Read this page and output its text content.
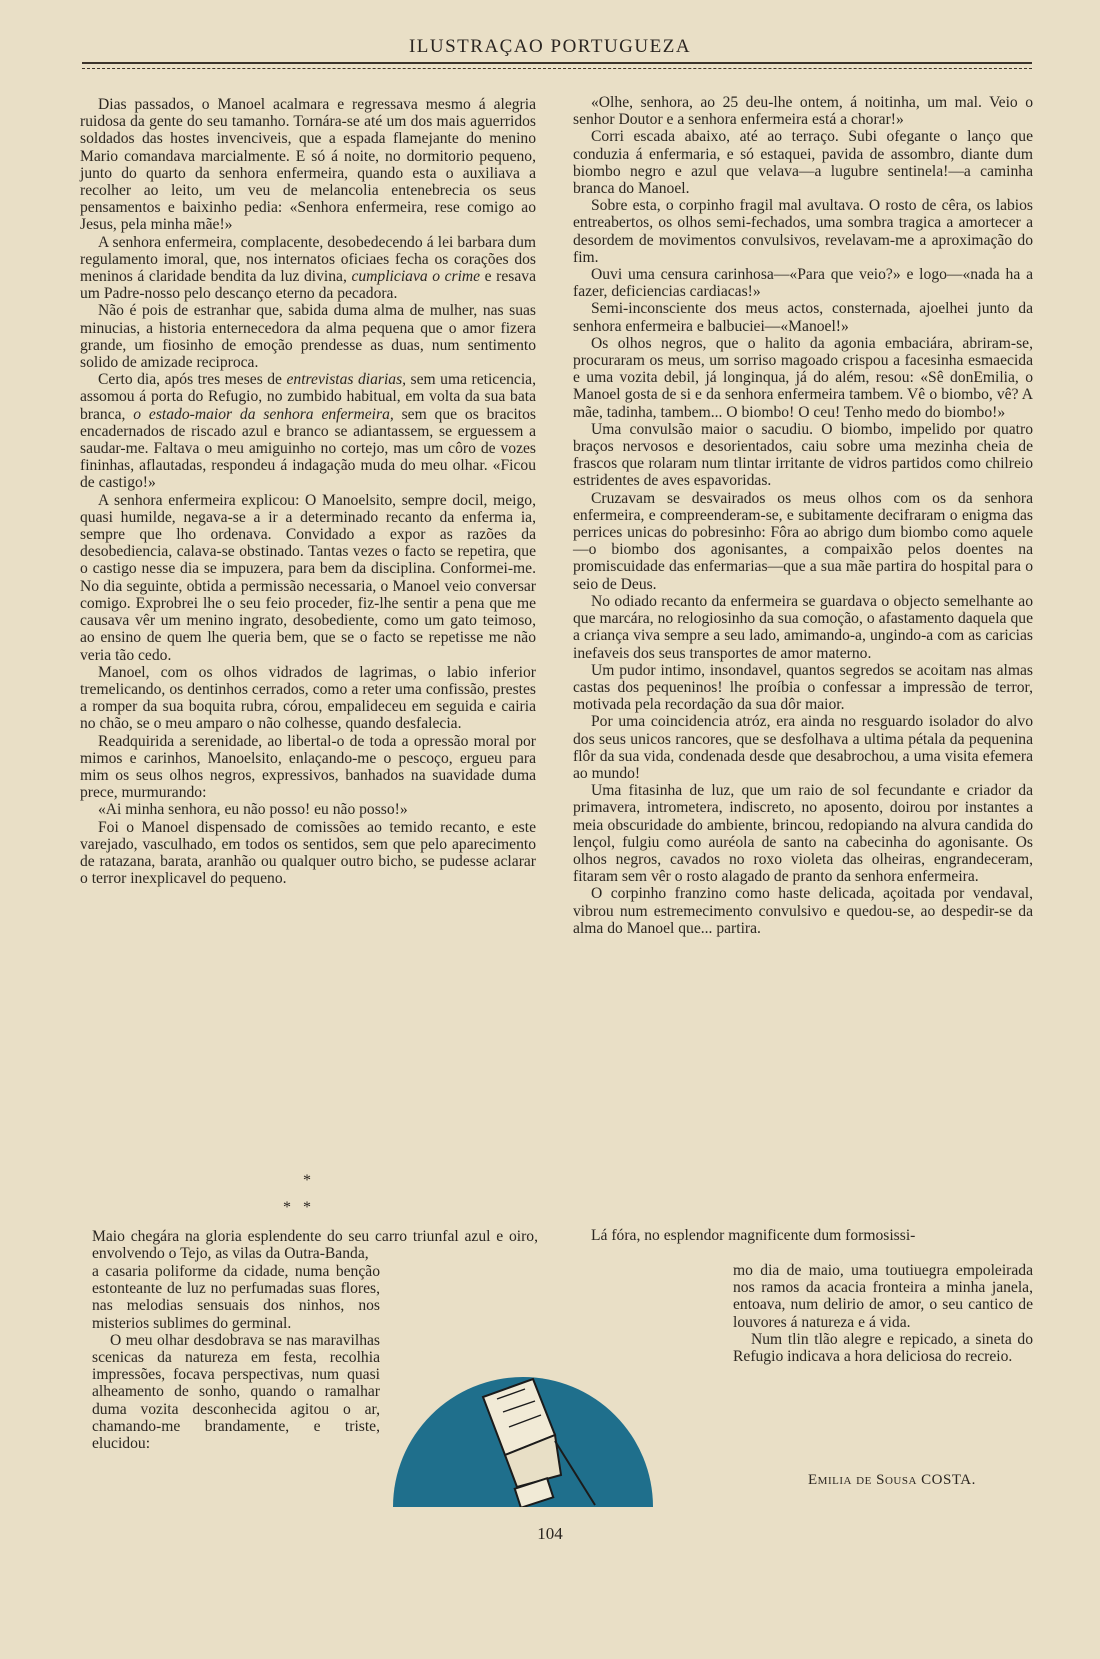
ILUSTRAÇAO PORTUGUEZA

Dias passados, o Manoel acalmara e regressava mesmo á alegria ruidosa da gente do seu tamanho. Tornára-se até um dos mais aguerridos soldados das hostes invenciveis, que a espada flamejante do menino Mario comandava marcialmente. E só á noite, no dormitorio pequeno, junto do quarto da senhora enfermeira, quando esta o auxiliava a recolher ao leito, um veu de melancolia entenebrecia os seus pensamentos e baixinho pedia: «Senhora enfermeira, rese comigo ao Jesus, pela minha mãe!»

A senhora enfermeira, complacente, desobedecendo á lei barbara dum regulamento imoral, que, nos internatos oficiaes fecha os corações dos meninos á claridade bendita da luz divina, cumpliciava o crime e resava um Padre-nosso pelo descanço eterno da pecadora.

Não é pois de estranhar que, sabida duma alma de mulher, nas suas minucias, a historia enternecedora da alma pequena que o amor fizera grande, um fiosinho de emoção prendesse as duas, num sentimento solido de amizade reciproca.

Certo dia, após tres meses de entrevistas diarias, sem uma reticencia, assomou á porta do Refugio, no zumbido habitual, em volta da sua bata branca, o estado-maior da senhora enfermeira, sem que os bracitos encadernados de riscado azul e branco se adiantassem, se erguessem a saudar-me. Faltava o meu amiguinho no cortejo, mas um côro de vozes fininhas, aflautadas, respondeu á indagação muda do meu olhar. «Ficou de castigo!»

A senhora enfermeira explicou: O Manoelsito, sempre docil, meigo, quasi humilde, negava-se a ir a determinado recanto da enferma ia, sempre que lho ordenava. Convidado a expor as razões da desobediencia, calava-se obstinado. Tantas vezes o facto se repetira, que o castigo nesse dia se impuzera, para bem da disciplina. Conformei-me. No dia seguinte, obtida a permissão necessaria, o Manoel veio conversar comigo. Exprobrei lhe o seu feio proceder, fiz-lhe sentir a pena que me causava vêr um menino ingrato, desobediente, como um gato teimoso, ao ensino de quem lhe queria bem, que se o facto se repetisse me não veria tão cedo.

Manoel, com os olhos vidrados de lagrimas, o labio inferior tremelicando, os dentinhos cerrados, como a reter uma confissão, prestes a romper da sua boquita rubra, córou, empalideceu em seguida e cairia no chão, se o meu amparo o não colhesse, quando desfalecia.

Readquirida a serenidade, ao libertal-o de toda a opressão moral por mimos e carinhos, Manoelsito, enlaçando-me o pescoço, ergueu para mim os seus olhos negros, expressivos, banhados na suavidade duma prece, murmurando:

«Ai minha senhora, eu não posso! eu não posso!»

Foi o Manoel dispensado de comissões ao temido recanto, e este varejado, vasculhado, em todos os sentidos, sem que pelo aparecimento de ratazana, barata, aranhão ou qualquer outro bicho, se pudesse aclarar o terror inexplicavel do pequeno.

*
*   *

Maio chegára na gloria esplendente do seu carro triunfal azul e oiro, envolvendo o Tejo, as vilas da Outra-Banda,

a casaria poliforme da cidade, numa benção estonteante de luz no perfumadas suas flores, nas melodias sensuais dos ninhos, nos misterios sublimes do germinal.

O meu olhar desdobrava se nas maravilhas scenicas da natureza em festa, recolhia impressões, focava perspectivas, num quasi alheamento de sonho, quando o ramalhar duma vozita desconhecida agitou o ar, chamando-me brandamente, e triste, elucidou:

«Olhe, senhora, ao 25 deu-lhe ontem, á noitinha, um mal. Veio o senhor Doutor e a senhora enfermeira está a chorar!»

Corri escada abaixo, até ao terraço. Subi ofegante o lanço que conduzia á enfermaria, e só estaquei, pavida de assombro, diante dum biombo negro e azul que velava—a lugubre sentinela!—a caminha branca do Manoel.

Sobre esta, o corpinho fragil mal avultava. O rosto de cêra, os labios entreabertos, os olhos semi-fechados, uma sombra tragica a amortecer a desordem de movimentos convulsivos, revelavam-me a aproximação do fim.

Ouvi uma censura carinhosa—«Para que veio?» e logo—«nada ha a fazer, deficiencias cardiacas!»

Semi-inconsciente dos meus actos, consternada, ajoelhei junto da senhora enfermeira e balbuciei—«Manoel!»

Os olhos negros, que o halito da agonia embaciára, abriram-se, procuraram os meus, um sorriso magoado crispou a facesinha esmaecida e uma vozita debil, já longinqua, já do além, resou: «Sê donEmilia, o Manoel gosta de si e da senhora enfermeira tambem. Vê o biombo, vê? A mãe, tadinha, tambem... O biombo! O ceu! Tenho medo do biombo!»

Uma convulsão maior o sacudiu. O biombo, impelido por quatro braços nervosos e desorientados, caiu sobre uma mezinha cheia de frascos que rolaram num tlintar irritante de vidros partidos como chilreio estridentes de aves espavoridas.

Cruzavam se desvairados os meus olhos com os da senhora enfermeira, e compreenderam-se, e subitamente decifraram o enigma das perrices unicas do pobresinho: Fôra ao abrigo dum biombo como aquele—o biombo dos agonisantes, a compaixão pelos doentes na promiscuidade das enfermarias—que a sua mãe partira do hospital para o seio de Deus.

No odiado recanto da enfermeira se guardava o objecto semelhante ao que marcára, no relogiosinho da sua comoção, o afastamento daquela que a criança viva sempre a seu lado, amimando-a, ungindo-a com as caricias inefaveis dos seus transportes de amor materno.

Um pudor intimo, insondavel, quantos segredos se acoitam nas almas castas dos pequeninos! lhe proíbia o confessar a impressão de terror, motivada pela recordação da sua dôr maior.

Por uma coincidencia atróz, era ainda no resguardo isolador do alvo dos seus unicos rancores, que se desfolhava a ultima pétala da pequenina flôr da sua vida, condenada desde que desabrochou, a uma visita efemera ao mundo!

Uma fitasinha de luz, que um raio de sol fecundante e criador da primavera, intrometera, indiscreto, no aposento, doirou por instantes a meia obscuridade do ambiente, brincou, redopiando na alvura candida do lençol, fulgiu como auréola de santo na cabecinha do agonisante. Os olhos negros, cavados no roxo violeta das olheiras, engrandeceram, fitaram sem vêr o rosto alagado de pranto da senhora enfermeira.

O corpinho franzino como haste delicada, açoitada por vendaval, vibrou num estremecimento convulsivo e quedou-se, ao despedir-se da alma do Manoel que... partira.

Lá fóra, no esplendor magnificente dum formosissi-

mo dia de maio, uma toutiuegra empoleirada nos ramos da acacia fronteira a minha janela, entoava, num delirio de amor, o seu cantico de louvores á natureza e á vida.

Num tlin tlão alegre e repicado, a sineta do Refugio indicava a hora deliciosa do recreio.

Emilia de Sousa COSTA.
104
